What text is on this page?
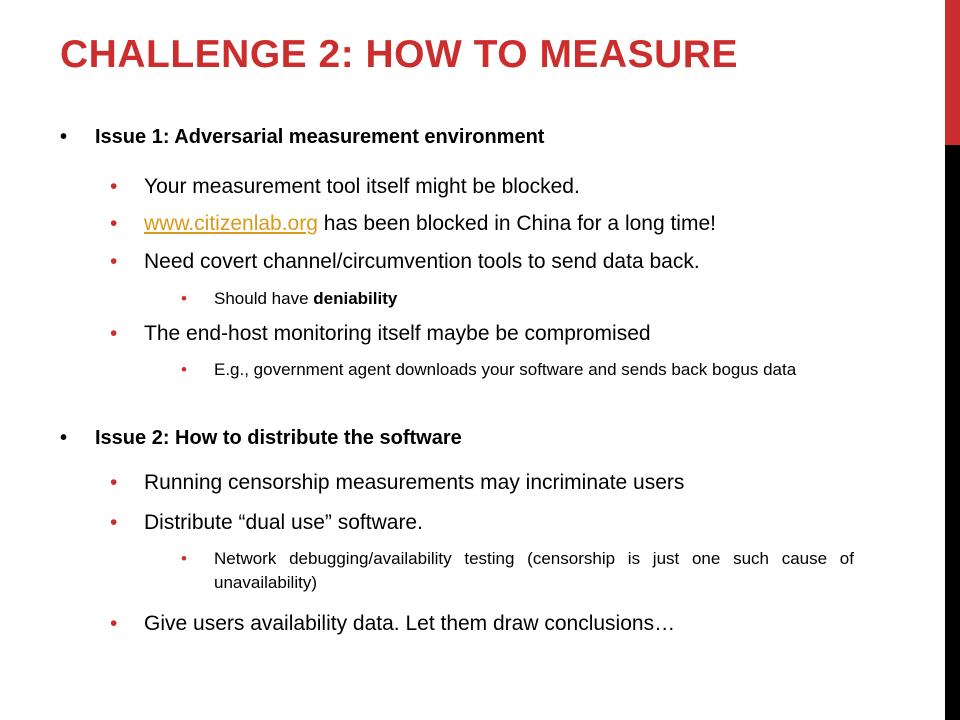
CHALLENGE 2: HOW TO MEASURE
• Issue 1: Adversarial measurement environment
• Your measurement tool itself might be blocked.
• www.citizenlab.org has been blocked in China for a long time!
• Need covert channel/circumvention tools to send data back.
• Should have deniability
• The end-host monitoring itself maybe be compromised
• E.g., government agent downloads your software and sends back bogus data
• Issue 2: How to distribute the software
• Running censorship measurements may incriminate users
• Distribute “dual use” software.
• Network debugging/availability testing (censorship is just one such cause of unavailability)
• Give users availability data. Let them draw conclusions…
